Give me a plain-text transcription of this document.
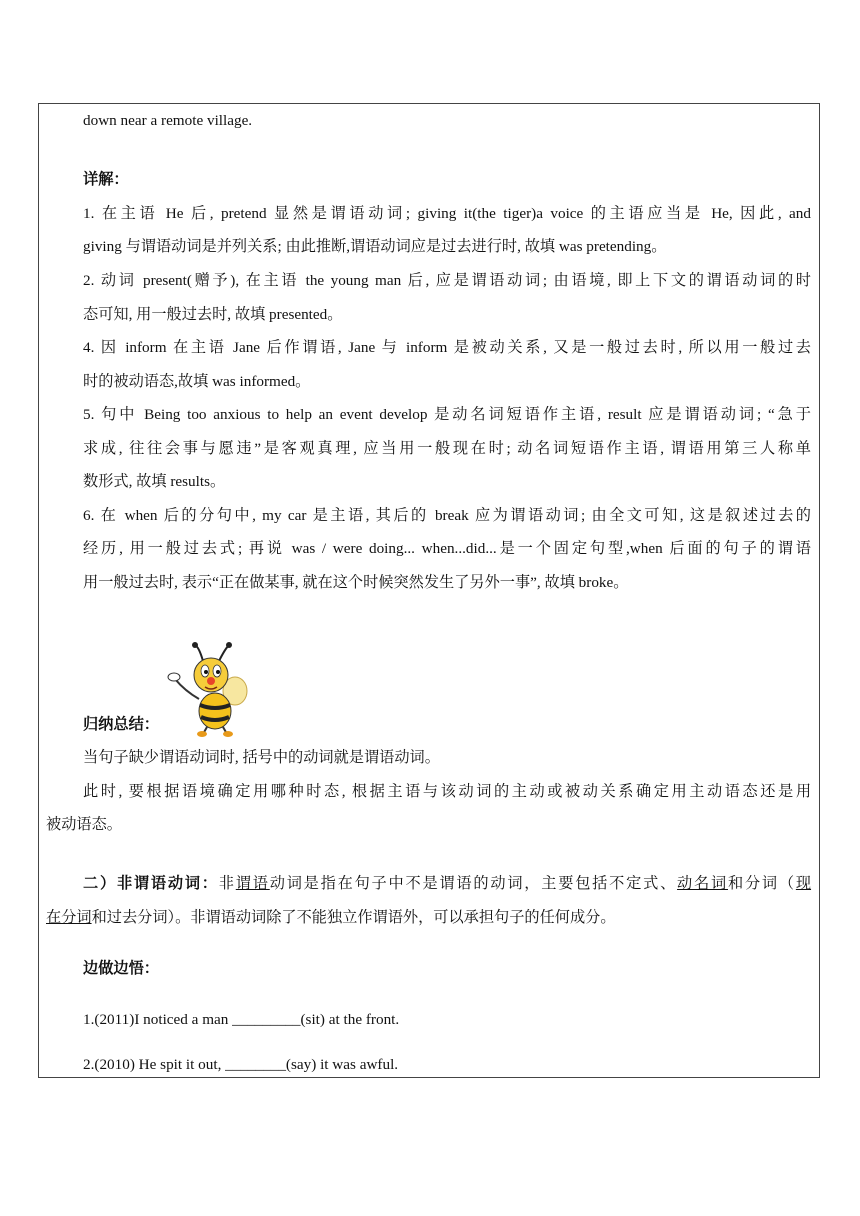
down near a remote village.
详解：
1. 在主语 He 后, pretend 显然是谓语动词; giving it(the tiger)a voice 的主语应当是 He, 因此, and
giving 与谓语动词是并列关系; 由此推断,谓语动词应是过去进行时, 故填 was pretending。
2. 动词 present(赠予), 在主语 the young man 后, 应是谓语动词; 由语境, 即上下文的谓语动词的时
态可知, 用一般过去时, 故填 presented。
4. 因 inform 在主语 Jane 后作谓语, Jane 与 inform 是被动关系, 又是一般过去时, 所以用一般过去
时的被动语态,故填 was informed。
5. 句中 Being too anxious to help an event develop 是动名词短语作主语, result 应是谓语动词; “急于
求成, 往往会事与愿违”是客观真理, 应当用一般现在时; 动名词短语作主语, 谓语用第三人称单
数形式, 故填 results。
6. 在 when 后的分句中, my car 是主语, 其后的 break 应为谓语动词; 由全文可知, 这是叙述过去的
经历, 用一般过去式; 再说 was / were doing... when...did...是一个固定句型,when 后面的句子的谓语
用一般过去时, 表示“正在做某事, 就在这个时候突然发生了另外一事”, 故填 broke。
归纳总结：
当句子缺少谓语动词时, 括号中的动词就是谓语动词。
此时, 要根据语境确定用哪种时态, 根据主语与该动词的主动或被动关系确定用主动语态还是用
被动语态。
二）非谓语动词：非谓语动词是指在句子中不是谓语的动词，主要包括不定式、动名词和分词（现
在分词和过去分词）。非谓语动词除了不能独立作谓语外，可以承担句子的任何成分。
边做边悟：
1.(2011)I noticed a man _________(sit) at the front.
2.(2010) He spit it out, ________(say) it was awful.
